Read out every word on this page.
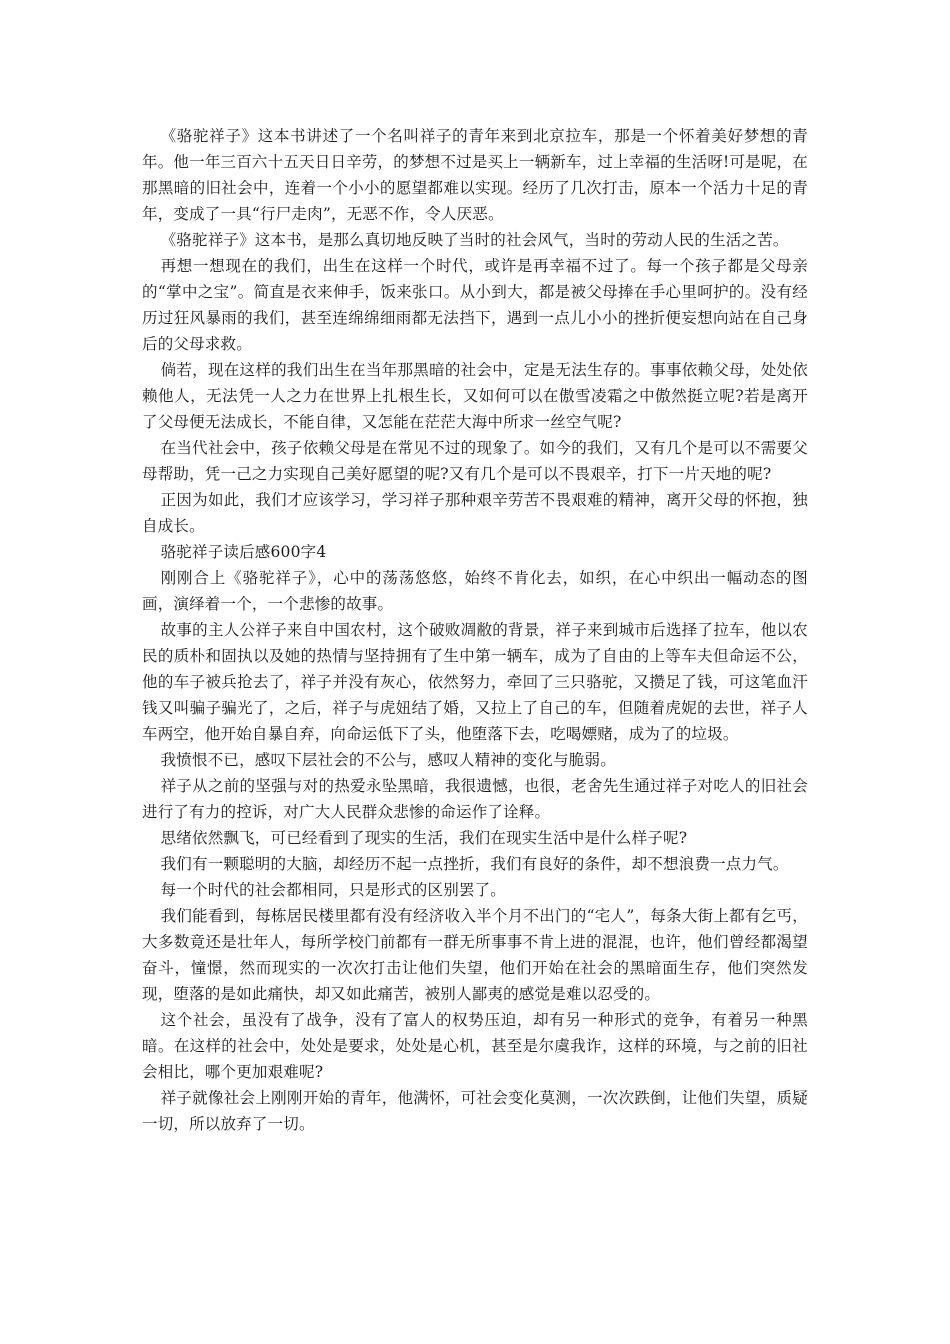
《骆驼祥子》这本书讲述了一个名叫祥子的青年来到北京拉车，那是一个怀着美好梦想的青年。他一年三百六十五天日日辛劳，的梦想不过是买上一辆新车，过上幸福的生活呀!可是呢，在那黑暗的旧社会中，连着一个小小的愿望都难以实现。经历了几次打击，原本一个活力十足的青年，变成了一具“行尸走肉”，无恶不作，令人厌恶。

《骆驼祥子》这本书，是那么真切地反映了当时的社会风气，当时的劳动人民的生活之苦。

再想一想现在的我们，出生在这样一个时代，或许是再幸福不过了。每一个孩子都是父母亲的“掌中之宝”。简直是衣来伸手，饭来张口。从小到大，都是被父母捧在手心里呵护的。没有经历过狂风暴雨的我们，甚至连绵绵细雨都无法挡下，遇到一点儿小小的挫折便妄想向站在自己身后的父母求救。

倘若，现在这样的我们出生在当年那黑暗的社会中，定是无法生存的。事事依赖父母，处处依赖他人，无法凭一人之力在世界上扎根生长，又如何可以在傲雪凌霜之中傲然挺立呢?若是离开了父母便无法成长，不能自律，又怎能在茫茫大海中所求一丝空气呢?

在当代社会中，孩子依赖父母是在常见不过的现象了。如今的我们，又有几个是可以不需要父母帮助，凭一己之力实现自己美好愿望的呢?又有几个是可以不畏艰辛，打下一片天地的呢?

正因为如此，我们才应该学习，学习祥子那种艰辛劳苦不畏艰难的精神，离开父母的怀抱，独自成长。

骆驼祥子读后感600字4

刚刚合上《骆驼祥子》，心中的荡荡悠悠，始终不肯化去，如织，在心中织出一幅动态的图画，演绎着一个，一个悲惨的故事。

故事的主人公祥子来自中国农村，这个破败凋敝的背景，祥子来到城市后选择了拉车，他以农民的质朴和固执以及她的热情与坚持拥有了生中第一辆车，成为了自由的上等车夫但命运不公，他的车子被兵抢去了，祥子并没有灰心，依然努力，牵回了三只骆驼，又攒足了钱，可这笔血汗钱又叫骗子骗光了，之后，祥子与虎妞结了婚，又拉上了自己的车，但随着虎妮的去世，祥子人车两空，他开始自暴自弃，向命运低下了头，他堕落下去，吃喝嫖赌，成为了的垃圾。

我愤恨不已，感叹下层社会的不公与，感叹人精神的变化与脆弱。

祥子从之前的坚强与对的热爱永坠黑暗，我很遗憾，也很，老舍先生通过祥子对吃人的旧社会进行了有力的控诉，对广大人民群众悲惨的命运作了诠释。

思绪依然飘飞，可已经看到了现实的生活，我们在现实生活中是什么样子呢?

我们有一颗聪明的大脑，却经历不起一点挫折，我们有良好的条件，却不想浪费一点力气。

每一个时代的社会都相同，只是形式的区别罢了。

我们能看到，每栋居民楼里都有没有经济收入半个月不出门的“宅人”，每条大街上都有乞丐，大多数竟还是壮年人，每所学校门前都有一群无所事事不肯上进的混混，也许，他们曾经都渴望奋斗，憧憬，然而现实的一次次打击让他们失望，他们开始在社会的黑暗面生存，他们突然发现，堕落的是如此痛快，却又如此痛苦，被别人鄙夷的感觉是难以忍受的。

这个社会，虽没有了战争，没有了富人的权势压迫，却有另一种形式的竞争，有着另一种黑暗。在这样的社会中，处处是要求，处处是心机，甚至是尔虞我诈，这样的环境，与之前的旧社会相比，哪个更加艰难呢?

祥子就像社会上刚刚开始的青年，他满怀，可社会变化莫测，一次次跌倒，让他们失望，质疑一切，所以放弃了一切。
